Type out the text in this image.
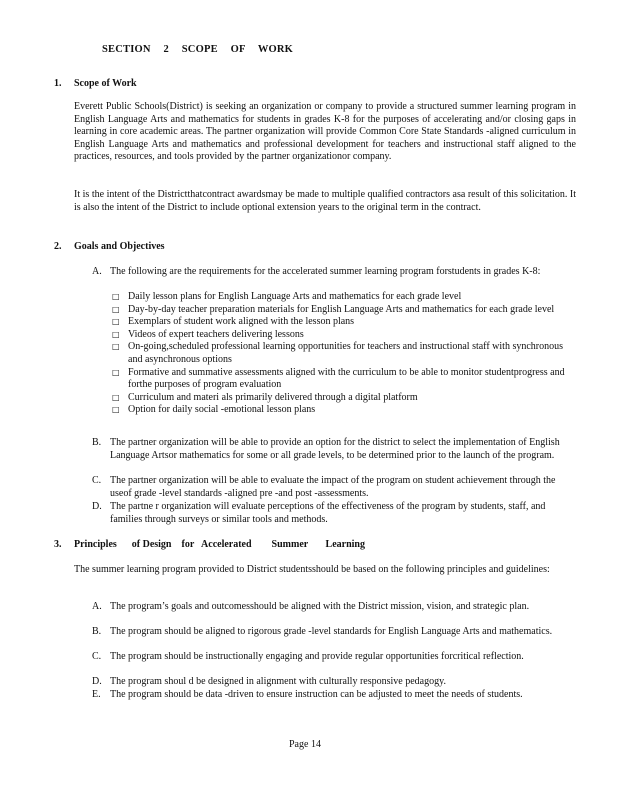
SECTION 2 SCOPE OF WORK
1. Scope of Work
Everett Public Schools(District) is seeking an organization or company to provide a structured summer learning program in English Language Arts and mathematics for students in grades K-8 for the purposes of accelerating and/or closing gaps in learning in core academic areas. The partner organization will provide Common Core State Standards -aligned curriculum in English Language Arts and mathematics and professional development for teachers and instructional staff aligned to the practices, resources, and tools provided by the partner organizationor company.
It is the intent of the Districtthatcontract awardsmay be made to multiple qualified contractors asa result of this solicitation. It is also the intent of the District to include optional extension years to the original term in the contract.
2. Goals and Objectives
A. The following are the requirements for the accelerated summer learning program forstudents in grades K-8:
□ Daily lesson plans for English Language Arts and mathematics for each grade level
□ Day-by-day teacher preparation materials for English Language Arts and mathematics for each grade level
□ Exemplars of student work aligned with the lesson plans
□ Videos of expert teachers delivering lessons
□ On-going,scheduled professional learning opportunities for teachers and instructional staff with synchronous and asynchronous options
□ Formative and summative assessments aligned with the curriculum to be able to monitor studentprogress and forthe purposes of program evaluation
□ Curriculum and materi als primarily delivered through a digital platform
□ Option for daily social -emotional lesson plans
B. The partner organization will be able to provide an option for the district to select the implementation of English Language Artsor mathematics for some or all grade levels, to be determined prior to the launch of the program.
C. The partner organization will be able to evaluate the impact of the program on student achievement through the useof grade -level standards -aligned pre -and post -assessments.
D. The partne r organization will evaluate perceptions of the effectiveness of the program by students, staff, and families through surveys or similar tools and methods.
3. Principles      of Design    for   Accelerated        Summer       Learning
The summer learning program provided to District studentsshould be based on the following principles and guidelines:
A. The program’s goals and outcomesshould be aligned with the District mission, vision, and strategic plan.
B. The program should be aligned to rigorous grade -level standards for English Language Arts and mathematics.
C. The program should be instructionally engaging and provide regular opportunities forcritical reflection.
D. The program shoul d be designed in alignment with culturally responsive pedagogy.
E. The program should be data -driven to ensure instruction can be adjusted to meet the needs of students.
Page 14
